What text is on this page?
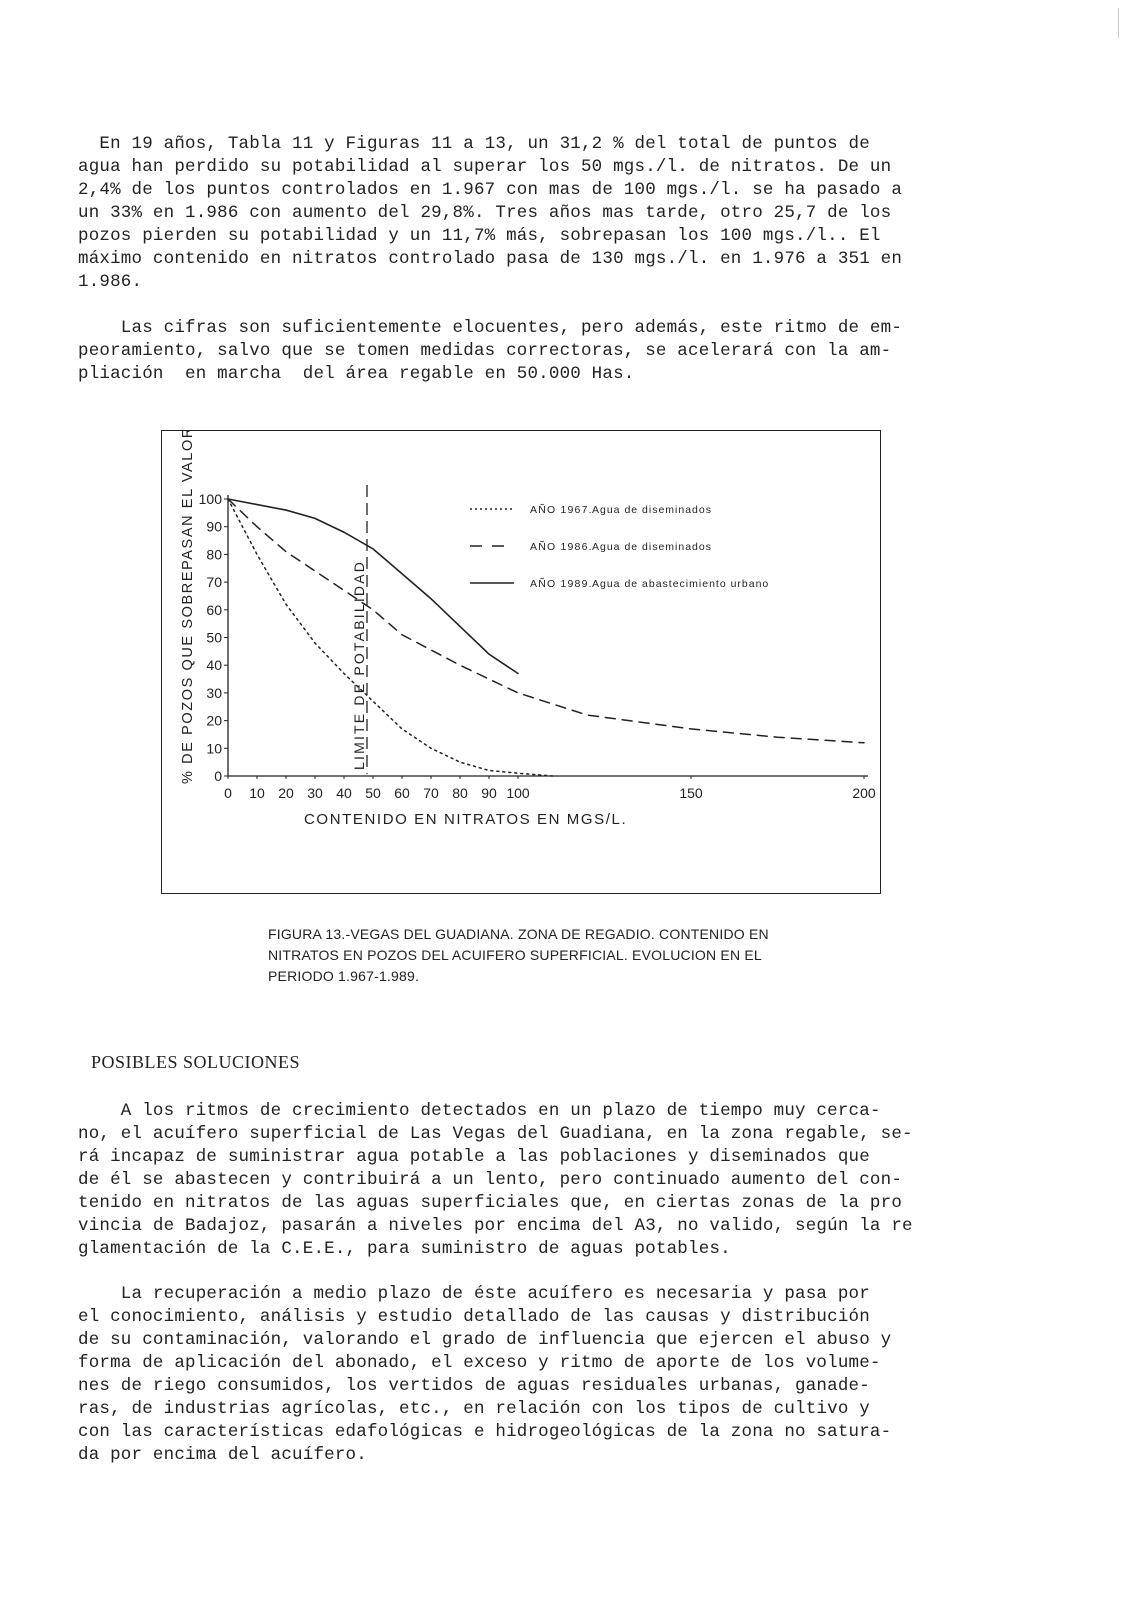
En 19 años, Tabla 11 y Figuras 11 a 13, un 31,2 % del total de puntos de
agua han perdido su potabilidad al superar los 50 mgs./l. de nitratos. De un
2,4% de los puntos controlados en 1.967 con mas de 100 mgs./l. se ha pasado a
un 33% en 1.986 con aumento del 29,8%. Tres años mas tarde, otro 25,7 de los
pozos pierden su potabilidad y un 11,7% más, sobrepasan los 100 mgs./l.. El
máximo contenido en nitratos controlado pasa de 130 mgs./l. en 1.976 a 351 en
1.986.
Las cifras son suficientemente elocuentes, pero además, este ritmo de em-
peoramiento, salvo que se tomen medidas correctoras, se acelerará con la am-
pliación  en marcha  del área regable en 50.000 Has.
0
10
20
30
40
50
60
70
80
90
100
0 10 20 30 40 50 60 70 80 90 100	150	200
LIMITE DE POTABILIDAD
AÑO 1967. Agua de diseminados
AÑO 1986. Agua de diseminados
AÑO 1989. Agua de abastecimiento urbano
% DE POZOS QUE SOBREPASAN EL VALOR
CONTENIDO EN NITRATOS EN MGS/L.
FIGURA 13.-VEGAS DEL GUADIANA. ZONA DE REGADIO. CONTENIDO EN
NITRATOS EN POZOS DEL ACUIFERO SUPERFICIAL. EVOLUCION EN EL
PERIODO 1.967-1.989.
POSIBLES SOLUCIONES
A los ritmos de crecimiento detectados en un plazo de tiempo muy cerca-
no, el acuífero superficial de Las Vegas del Guadiana, en la zona regable, se-
rá incapaz de suministrar agua potable a las poblaciones y diseminados que
de él se abastecen y contribuirá a un lento, pero continuado aumento del con-
tenido en nitratos de las aguas superficiales que, en ciertas zonas de la pro
vincia de Badajoz, pasarán a niveles por encima del A3, no valido, según la re
glamentación de la C.E.E., para suministro de aguas potables.
La recuperación a medio plazo de éste acuífero es necesaria y pasa por
el conocimiento, análisis y estudio detallado de las causas y distribución
de su contaminación, valorando el grado de influencia que ejercen el abuso y
forma de aplicación del abonado, el exceso y ritmo de aporte de los volume-
nes de riego consumidos, los vertidos de aguas residuales urbanas, ganade-
ras, de industrias agrícolas, etc., en relación con los tipos de cultivo y
con las características edafológicas e hidrogeológicas de la zona no satura-
da por encima del acuífero.
